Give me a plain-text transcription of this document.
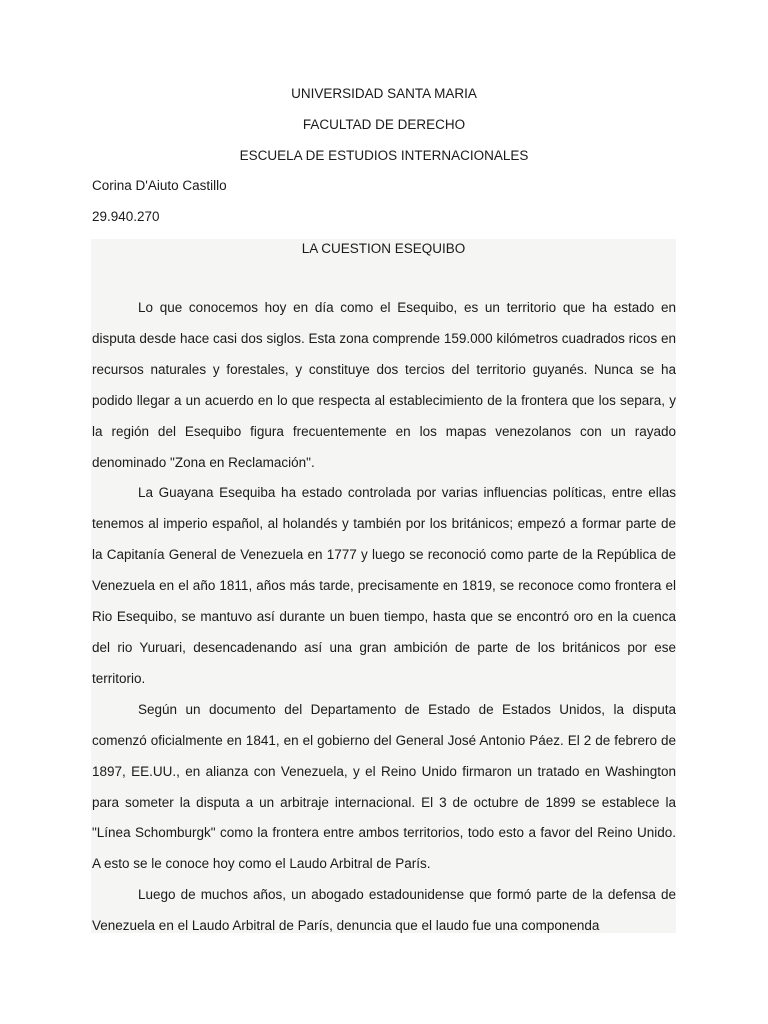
UNIVERSIDAD SANTA MARIA
FACULTAD DE DERECHO
ESCUELA DE ESTUDIOS INTERNACIONALES
Corina D'Aiuto Castillo
29.940.270
LA CUESTION ESEQUIBO

Lo que conocemos hoy en día como el Esequibo, es un territorio que ha estado en disputa desde hace casi dos siglos. Esta zona comprende 159.000 kilómetros cuadrados ricos en recursos naturales y forestales, y constituye dos tercios del territorio guyanés. Nunca se ha podido llegar a un acuerdo en lo que respecta al establecimiento de la frontera que los separa, y la región del Esequibo figura frecuentemente en los mapas venezolanos con un rayado denominado "Zona en Reclamación".

La Guayana Esequiba ha estado controlada por varias influencias políticas, entre ellas tenemos al imperio español, al holandés y también por los británicos; empezó a formar parte de la Capitanía General de Venezuela en 1777 y luego se reconoció como parte de la República de Venezuela en el año 1811, años más tarde, precisamente en 1819, se reconoce como frontera el Rio Esequibo, se mantuvo así durante un buen tiempo, hasta que se encontró oro en la cuenca del rio Yuruari, desencadenando así una gran ambición de parte de los británicos por ese territorio.

Según un documento del Departamento de Estado de Estados Unidos, la disputa comenzó oficialmente en 1841, en el gobierno del General José Antonio Páez. El 2 de febrero de 1897, EE.UU., en alianza con Venezuela, y el Reino Unido firmaron un tratado en Washington para someter la disputa a un arbitraje internacional. El 3 de octubre de 1899 se establece la "Línea Schomburgk" como la frontera entre ambos territorios, todo esto a favor del Reino Unido. A esto se le conoce hoy como el Laudo Arbitral de París.

Luego de muchos años, un abogado estadounidense que formó parte de la defensa de Venezuela en el Laudo Arbitral de París, denuncia que el laudo fue una componenda
